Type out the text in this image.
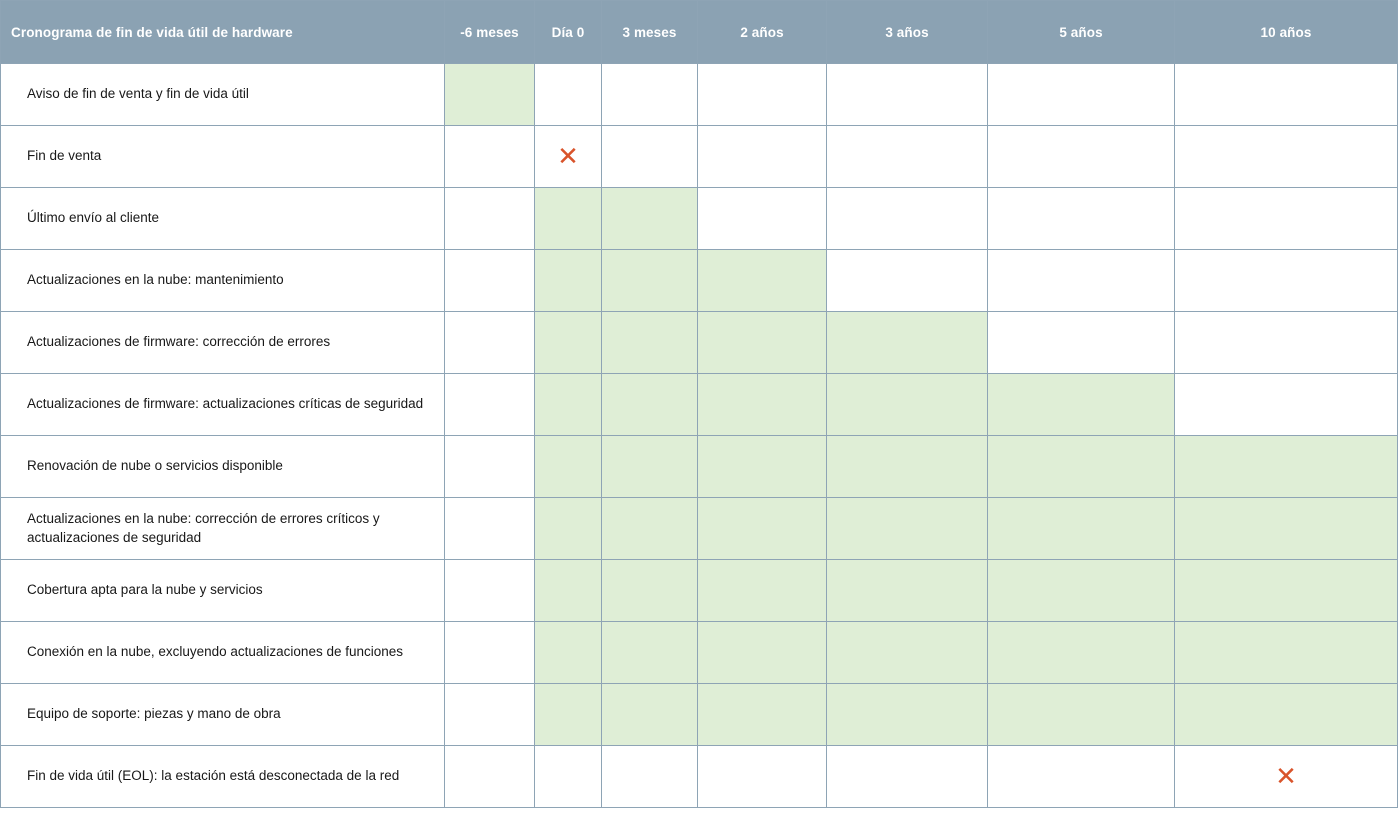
Cronograma de fin de vida útil de hardware	-6 meses	Día 0	3 meses	2 años	3 años	5 años	10 años
Aviso de fin de venta y fin de vida útil							
Fin de venta		✕					
Último envío al cliente							
Actualizaciones en la nube: mantenimiento							
Actualizaciones de firmware: corrección de errores							
Actualizaciones de firmware: actualizaciones críticas de seguridad							
Renovación de nube o servicios disponible							
Actualizaciones en la nube: corrección de errores críticos y actualizaciones de seguridad							
Cobertura apta para la nube y servicios							
Conexión en la nube, excluyendo actualizaciones de funciones							
Equipo de soporte: piezas y mano de obra							
Fin de vida útil (EOL): la estación está desconectada de la red							✕
